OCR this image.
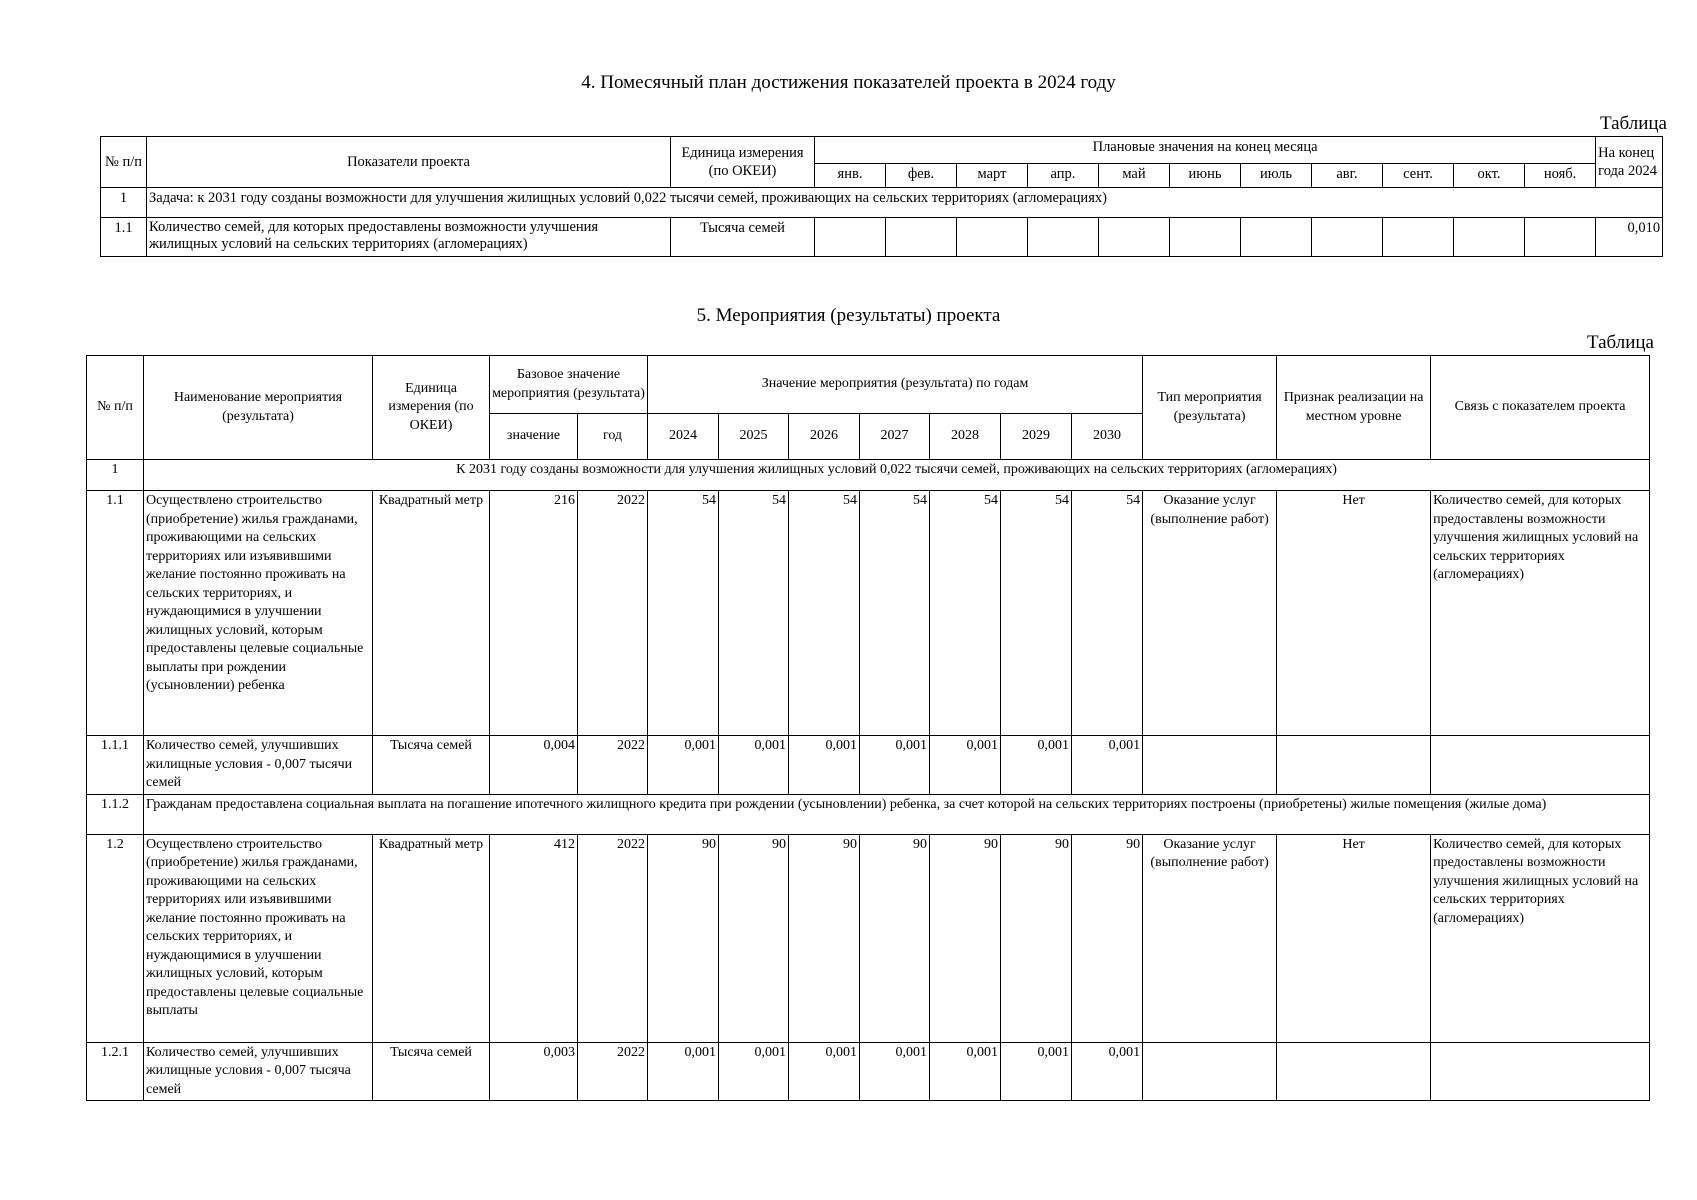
4. Помесячный план достижения показателей проекта в 2024 году
Таблица
№ п/п	Показатели проекта	Единица измерения (по ОКЕИ)	Плановые значения на конец месяца											На конец года 2024
			янв.	фев.	март	апр.	май	июнь	июль	авг.	сент.	окт.	нояб.	
1	Задача: к 2031 году созданы возможности для улучшения жилищных условий 0,022 тысячи семей, проживающих на сельских территориях (агломерациях)													
1.1	Количество семей, для которых предоставлены возможности улучшения жилищных условий на сельских территориях (агломерациях)	Тысяча семей												0,010
5. Мероприятия (результаты) проекта
Таблица
№ п/п	Наименование мероприятия (результата)	Единица измерения (по ОКЕИ)	Базовое значение мероприятия (результата)		Значение мероприятия (результата) по годам							Тип мероприятия (результата)	Признак реализации на местном уровне	Связь с показателем проекта
			значение	год	2024	2025	2026	2027	2028	2029	2030			
1	К 2031 году созданы возможности для улучшения жилищных условий 0,022 тысячи семей, проживающих на сельских территориях (агломерациях)													
1.1	Осуществлено строительство (приобретение) жилья гражданами, проживающими на сельских территориях или изъявившими желание постоянно проживать на сельских территориях, и нуждающимися в улучшении жилищных условий, которым предоставлены целевые социальные выплаты при рождении (усыновлении) ребенка	Квадратный метр	216	2022	54	54	54	54	54	54	54	Оказание услуг (выполнение работ)	Нет	Количество семей, для которых предоставлены возможности улучшения жилищных условий на сельских территориях (агломерациях)
1.1.1	Количество семей, улучшивших жилищные условия - 0,007 тысячи семей	Тысяча семей	0,004	2022	0,001	0,001	0,001	0,001	0,001	0,001	0,001			
1.1.2	Гражданам предоставлена социальная выплата на погашение ипотечного жилищного кредита при рождении (усыновлении) ребенка, за счет которой на сельских территориях построены (приобретены) жилые помещения (жилые дома)													
1.2	Осуществлено строительство (приобретение) жилья гражданами, проживающими на сельских территориях или изъявившими желание постоянно проживать на сельских территориях, и нуждающимися в улучшении жилищных условий, которым предоставлены целевые социальные выплаты	Квадратный метр	412	2022	90	90	90	90	90	90	90	Оказание услуг (выполнение работ)	Нет	Количество семей, для которых предоставлены возможности улучшения жилищных условий на сельских территориях (агломерациях)
1.2.1	Количество семей, улучшивших жилищные условия - 0,007 тысяча семей	Тысяча семей	0,003	2022	0,001	0,001	0,001	0,001	0,001	0,001	0,001			
